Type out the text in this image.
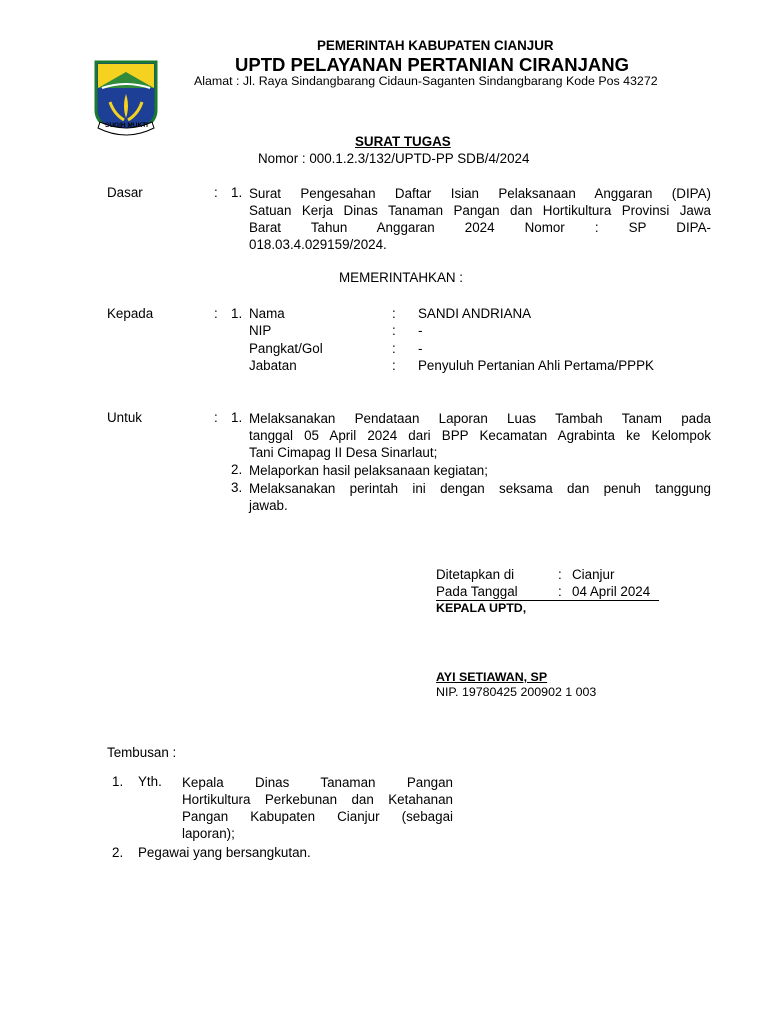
SUGIH MUKTI
PEMERINTAH KABUPATEN CIANJUR
UPTD PELAYANAN PERTANIAN CIRANJANG
Alamat : Jl. Raya Sindangbarang Cidaun-Saganten Sindangbarang Kode Pos 43272
SURAT TUGAS
Nomor : 000.1.2.3/132/UPTD-PP SDB/4/2024
Dasar	: 1. Surat Pengesahan Daftar Isian Pelaksanaan Anggaran (DIPA)
Satuan Kerja Dinas Tanaman Pangan dan Hortikultura Provinsi Jawa
Barat Tahun Anggaran 2024 Nomor : SP DIPA-
018.03.4.029159/2024.
MEMERINTAHKAN :
Kepada	: 1. Nama	: SANDI ANDRIANA
NIP	: -
Pangkat/Gol	: -
Jabatan	: Penyuluh Pertanian Ahli Pertama/PPPK
Untuk	: 1. Melaksanakan Pendataan Laporan Luas Tambah Tanam pada
tanggal 05 April 2024 dari BPP Kecamatan Agrabinta ke Kelompok
Tani Cimapag II Desa Sinarlaut;
2. Melaporkan hasil pelaksanaan kegiatan;
3. Melaksanakan perintah ini dengan seksama dan penuh tanggung
jawab.
Ditetapkan di	: Cianjur
Pada Tanggal	: 04 April 2024
KEPALA UPTD,
AYI SETIAWAN, SP
NIP. 19780425 200902 1 003
Tembusan :
1. Yth. Kepala Dinas Tanaman Pangan
Hortikultura Perkebunan dan Ketahanan
Pangan Kabupaten Cianjur (sebagai
laporan);
2. Pegawai yang bersangkutan.
